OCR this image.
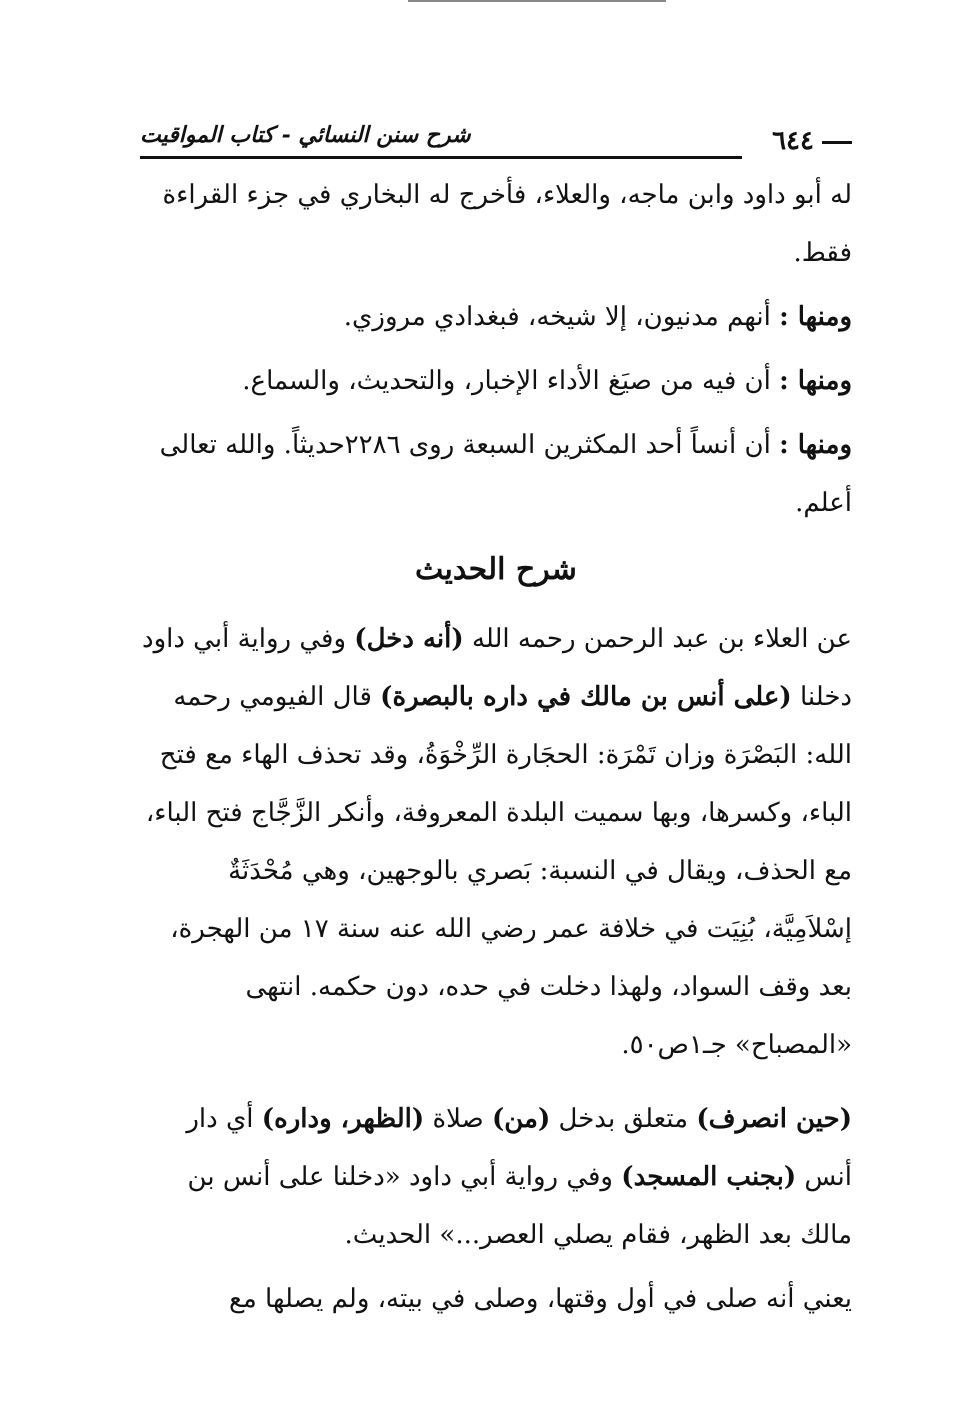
٦٤٤
شرح سنن النسائي - كتاب المواقيت

له أبو داود وابن ماجه، والعلاء، فأخرج له البخاري في جزء القراءة فقط.

ومنها : أنهم مدنيون، إلا شيخه، فبغدادي مروزي.

ومنها : أن فيه من صيَغ الأداء الإخبار، والتحديث، والسماع.

ومنها : أن أنساً أحد المكثرين السبعة روى ٢٢٨٦حديثاً. والله تعالى أعلم.

شرح الحديث

عن العلاء بن عبد الرحمن رحمه الله (أنه دخل) وفي رواية أبي داود دخلنا (على أنس بن مالك في داره بالبصرة) قال الفيومي رحمه الله: البَصْرَة وزان تَمْرَة: الحجَارة الرِّخْوَةُ، وقد تحذف الهاء مع فتح الباء، وكسرها، وبها سميت البلدة المعروفة، وأنكر الزَّجَّاج فتح الباء، مع الحذف، ويقال في النسبة: بَصري بالوجهين، وهي مُحْدَثَةٌ إسْلاَمِيَّة، بُنِيَت في خلافة عمر رضي الله عنه سنة ١٧ من الهجرة، بعد وقف السواد، ولهذا دخلت في حده، دون حكمه. انتهى «المصباح» جـ١ص٥٠.

(حين انصرف) متعلق بدخل (من) صلاة (الظهر، وداره) أي دار أنس (بجنب المسجد) وفي رواية أبي داود «دخلنا على أنس بن مالك بعد الظهر، فقام يصلي العصر...» الحديث.

يعني أنه صلى في أول وقتها، وصلى في بيته، ولم يصلها مع
